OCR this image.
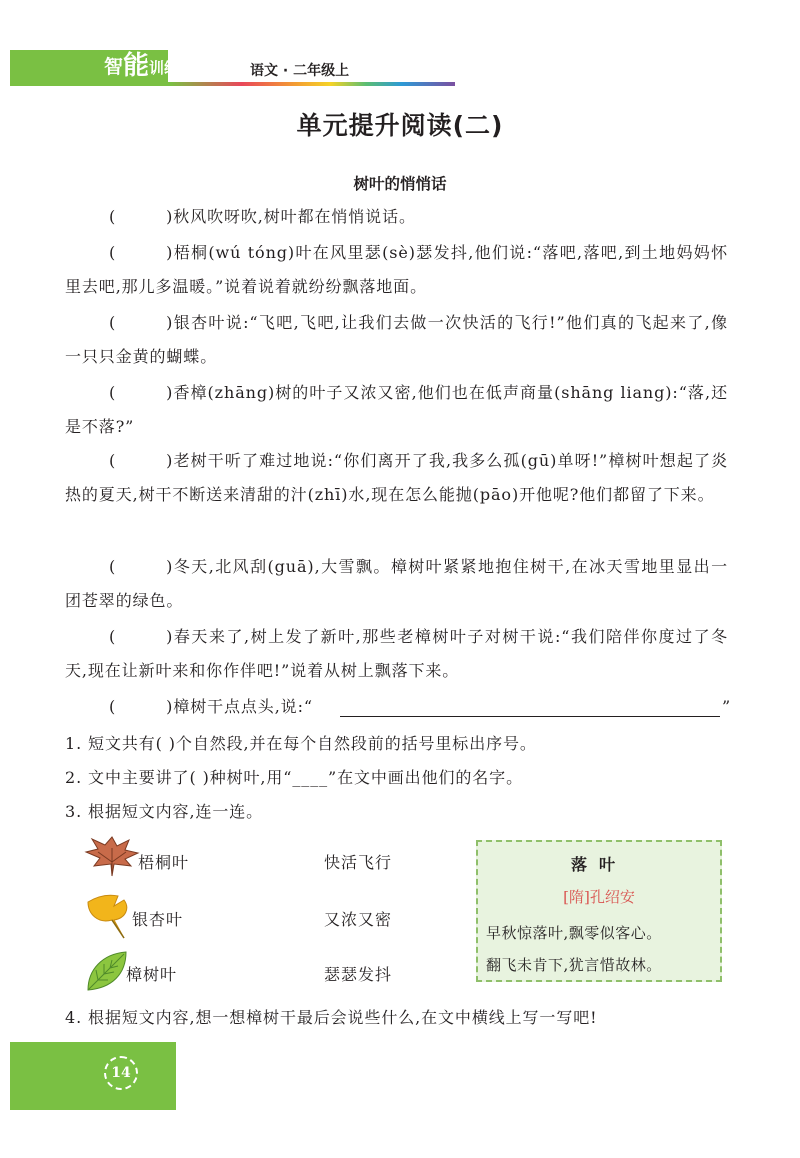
智 能 训练	语文 · 二年级上
单元提升阅读(二)
树叶的悄悄话

(	)秋风吹呀吹,树叶都在悄悄说话。

(	)梧桐(wú tóng)叶在风里瑟(sè)瑟发抖,他们说:“落吧,落吧,到土地妈妈怀里去吧,那儿多温暖。”说着说着就纷纷飘落地面。

(	)银杏叶说:“飞吧,飞吧,让我们去做一次快活的飞行!”他们真的飞起来了,像一只只金黄的蝴蝶。

(	)香樟(zhāng)树的叶子又浓又密,他们也在低声商量(shāng liang):“落,还是不落?”

(	)老树干听了难过地说:“你们离开了我,我多么孤(gū)单呀!”樟树叶想起了炎热的夏天,树干不断送来清甜的汁(zhī)水,现在怎么能抛(pāo)开他呢?他们都留了下来。

(	)冬天,北风刮(guā),大雪飘。樟树叶紧紧地抱住树干,在冰天雪地里显出一团苍翠的绿色。

(	)春天来了,树上发了新叶,那些老樟树叶子对树干说:“我们陪伴你度过了冬天,现在让新叶来和你作伴吧!”说着从树上飘落下来。

(	)樟树干点点头,说:“	”
1. 短文共有( )个自然段,并在每个自然段前的括号里标出序号。
2. 文中主要讲了( )种树叶,用“____”在文中画出他们的名字。
3. 根据短文内容,连一连。
梧桐叶
银杏叶
樟树叶
快活飞行
又浓又密
瑟瑟发抖
落叶
[隋]孔绍安
早秋惊落叶,飘零似客心。
翻飞未肯下,犹言惜故林。
4. 根据短文内容,想一想樟树干最后会说些什么,在文中横线上写一写吧!
14
